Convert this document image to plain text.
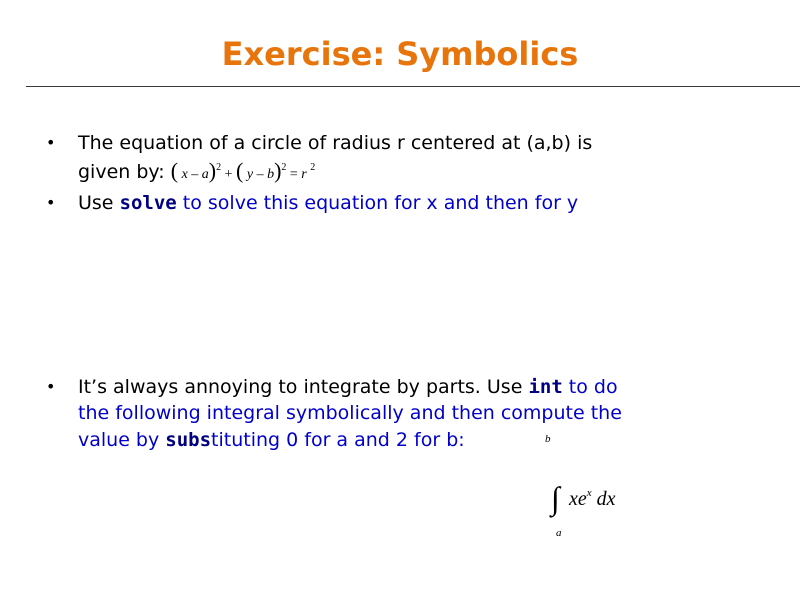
Exercise: Symbolics
• The equation of a circle of radius r centered at (a,b) is
given by: ( x – a)$^2$ + ( y – b)$^2$ = r $^2$
• Use solve to solve this equation for x and then for y
• It’s always annoying to integrate by parts. Use int to do
the following integral symbolically and then compute the
value by substituting 0 for a and 2 for b:	b
∫ $xe^x$ dx
a
